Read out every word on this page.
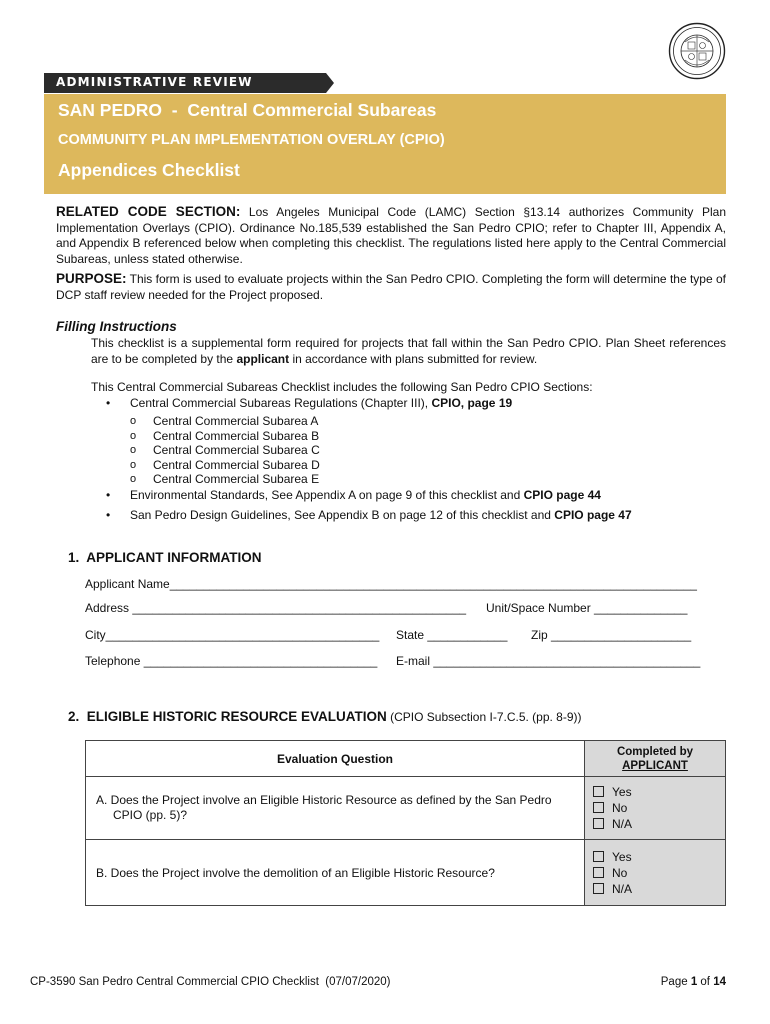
ADMINISTRATIVE REVIEW
SAN PEDRO  -  Central Commercial Subareas
COMMUNITY PLAN IMPLEMENTATION OVERLAY (CPIO)
Appendices Checklist
RELATED CODE SECTION: Los Angeles Municipal Code (LAMC) Section §13.14 authorizes Community Plan Implementation Overlays (CPIO). Ordinance No.185,539 established the San Pedro CPIO; refer to Chapter III, Appendix A, and Appendix B referenced below when completing this checklist. The regulations listed here apply to the Central Commercial Subareas, unless stated otherwise.
PURPOSE: This form is used to evaluate projects within the San Pedro CPIO. Completing the form will determine the type of DCP staff review needed for the Project proposed.
Filling Instructions
This checklist is a supplemental form required for projects that fall within the San Pedro CPIO. Plan Sheet references are to be completed by the applicant in accordance with plans submitted for review.
This Central Commercial Subareas Checklist includes the following San Pedro CPIO Sections:
• Central Commercial Subareas Regulations (Chapter III), CPIO, page 19
o Central Commercial Subarea A
o Central Commercial Subarea B
o Central Commercial Subarea C
o Central Commercial Subarea D
o Central Commercial Subarea E
• Environmental Standards, See Appendix A on page 9 of this checklist and CPIO page 44
• San Pedro Design Guidelines, See Appendix B on page 12 of this checklist and CPIO page 47
1.  APPLICANT INFORMATION
Applicant Name_______________________________________________________________________________
Address __________________________________________________ Unit/Space Number ______________
City_________________________________________ State ____________ Zip _____________________
Telephone ___________________________________ E-mail ________________________________________
2.  ELIGIBLE HISTORIC RESOURCE EVALUATION (CPIO Subsection I-7.C.5. (pp. 8-9))
Evaluation Question	Completed by
APPLICANT

A. Does the Project involve an Eligible Historic Resource as defined by the San Pedro CPIO (pp. 5)?	Yes
No
N/A

B. Does the Project involve the demolition of an Eligible Historic Resource?	Yes
No
N/A
CP-3590 San Pedro Central Commercial CPIO Checklist  (07/07/2020)	Page 1 of 14
